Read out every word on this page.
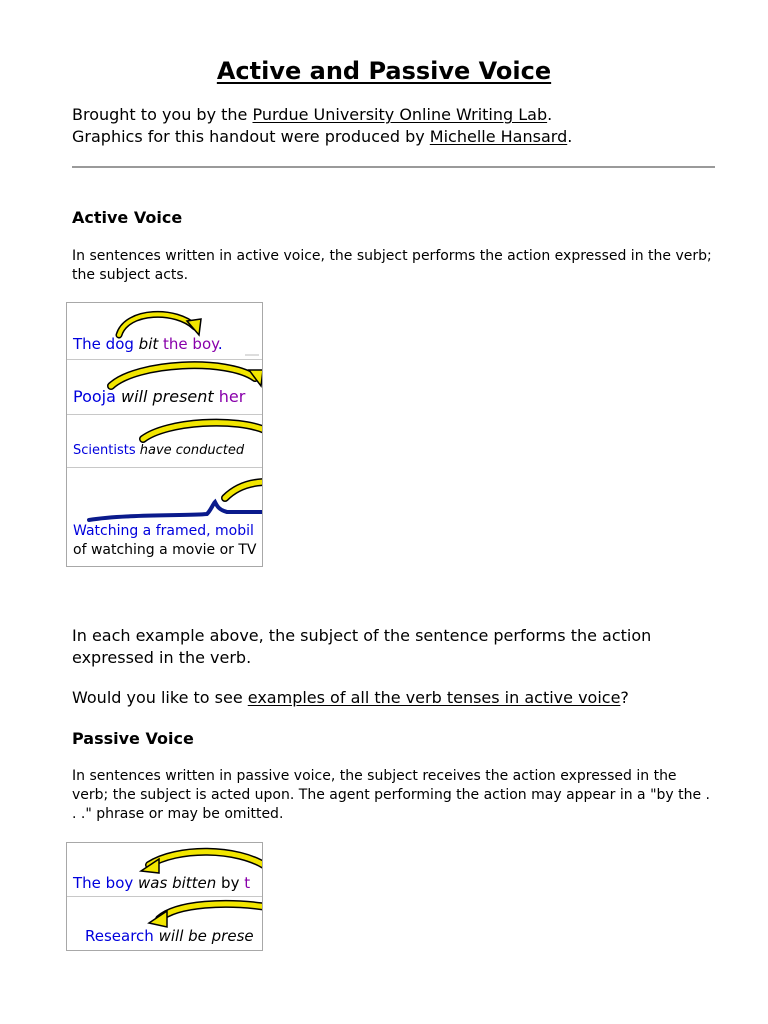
Active and Passive Voice
Brought to you by the Purdue University Online Writing Lab.
Graphics for this handout were produced by Michelle Hansard.
Active Voice

In sentences written in active voice, the subject performs the action expressed in the verb; the subject acts.

The dog bit the boy.
Pooja will present her
Scientists have conducted
Watching a framed, mobil
of watching a movie or TV

In each example above, the subject of the sentence performs the action expressed in the verb.

Would you like to see examples of all the verb tenses in active voice?

Passive Voice

In sentences written in passive voice, the subject receives the action expressed in the verb; the subject is acted upon. The agent performing the action may appear in a "by the . . ." phrase or may be omitted.

The boy was bitten by t
Research will be prese
